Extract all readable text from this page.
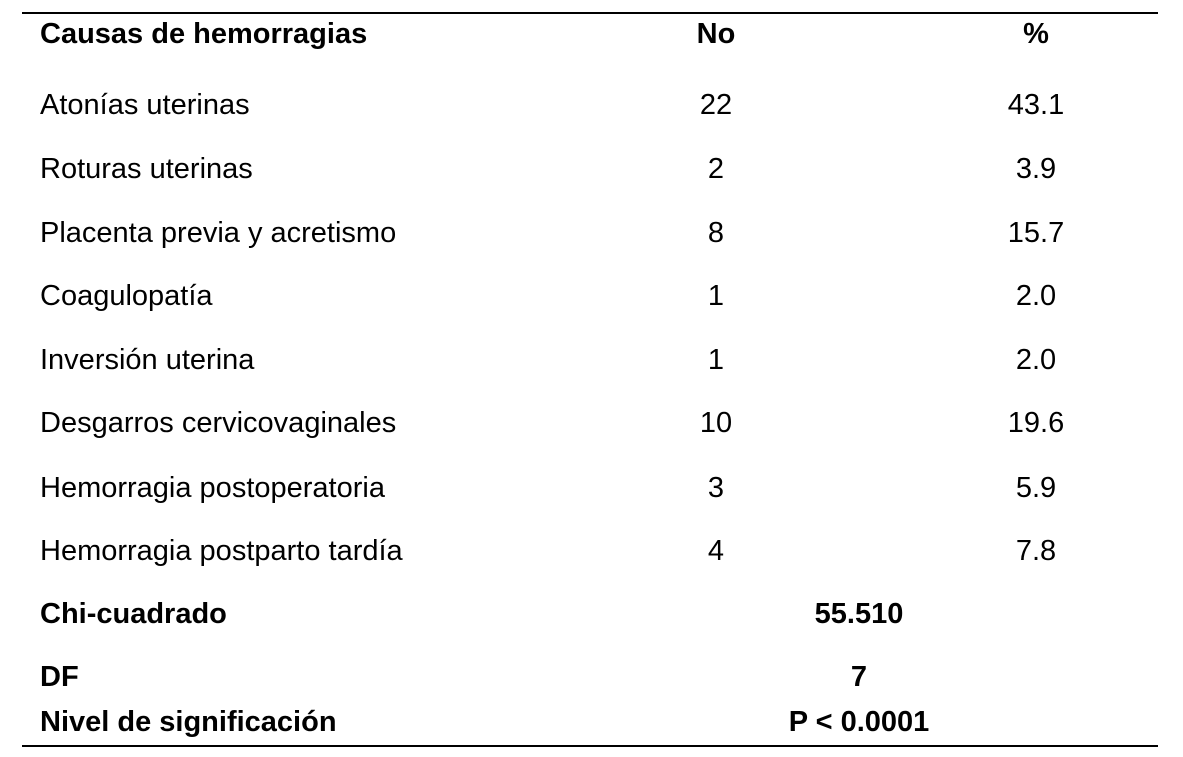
Causas de hemorragias	No	%
Atonías uterinas	22	43.1
Roturas uterinas	2	3.9
Placenta previa y acretismo	8	15.7
Coagulopatía	1	2.0
Inversión uterina	1	2.0
Desgarros cervicovaginales	10	19.6
Hemorragia postoperatoria	3	5.9
Hemorragia postparto tardía	4	7.8
Chi-cuadrado	55.510
DF	7
Nivel de significación	P < 0.0001
